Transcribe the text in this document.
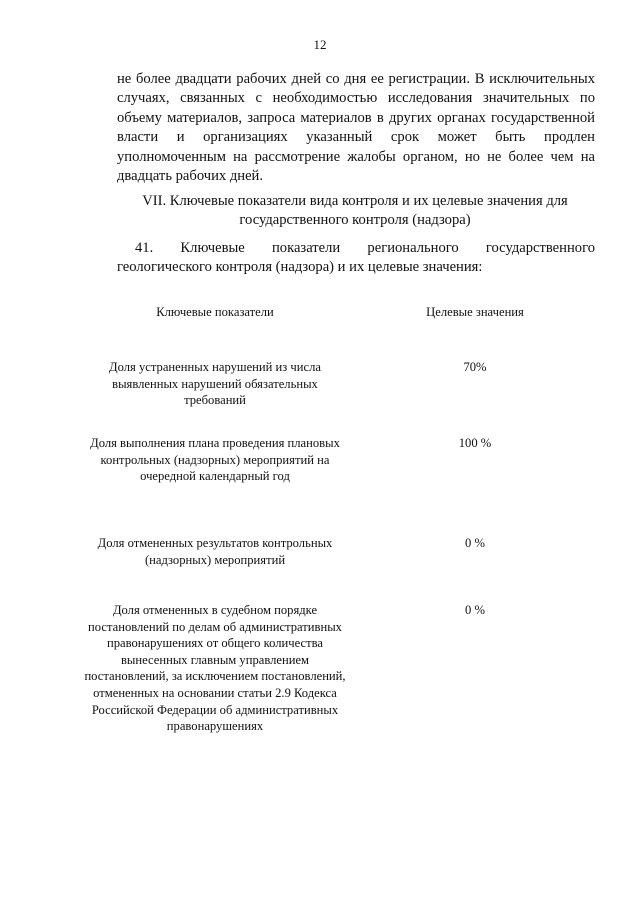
12

не более двадцати рабочих дней со дня ее регистрации. В исключительных случаях, связанных с необходимостью исследования значительных по объему материалов, запроса материалов в других органах государственной власти и организациях указанный срок может быть продлен уполномоченным на рассмотрение жалобы органом, но не более чем на двадцать рабочих дней.

VII. Ключевые показатели вида контроля и их целевые значения для государственного контроля (надзора)

41. Ключевые показатели регионального государственного геологического контроля (надзора) и их целевые значения:

Ключевые показатели	Целевые значения
Доля устраненных нарушений из числа выявленных нарушений обязательных требований
70%
Доля выполнения плана проведения плановых контрольных (надзорных) мероприятий на очередной календарный год
100 %
Доля отмененных результатов контрольных (надзорных) мероприятий
0 %
Доля отмененных в судебном порядке постановлений по делам об административных правонарушениях от общего количества вынесенных главным управлением постановлений, за исключением постановлений, отмененных на основании статьи 2.9 Кодекса Российской Федерации об административных правонарушениях
0 %
